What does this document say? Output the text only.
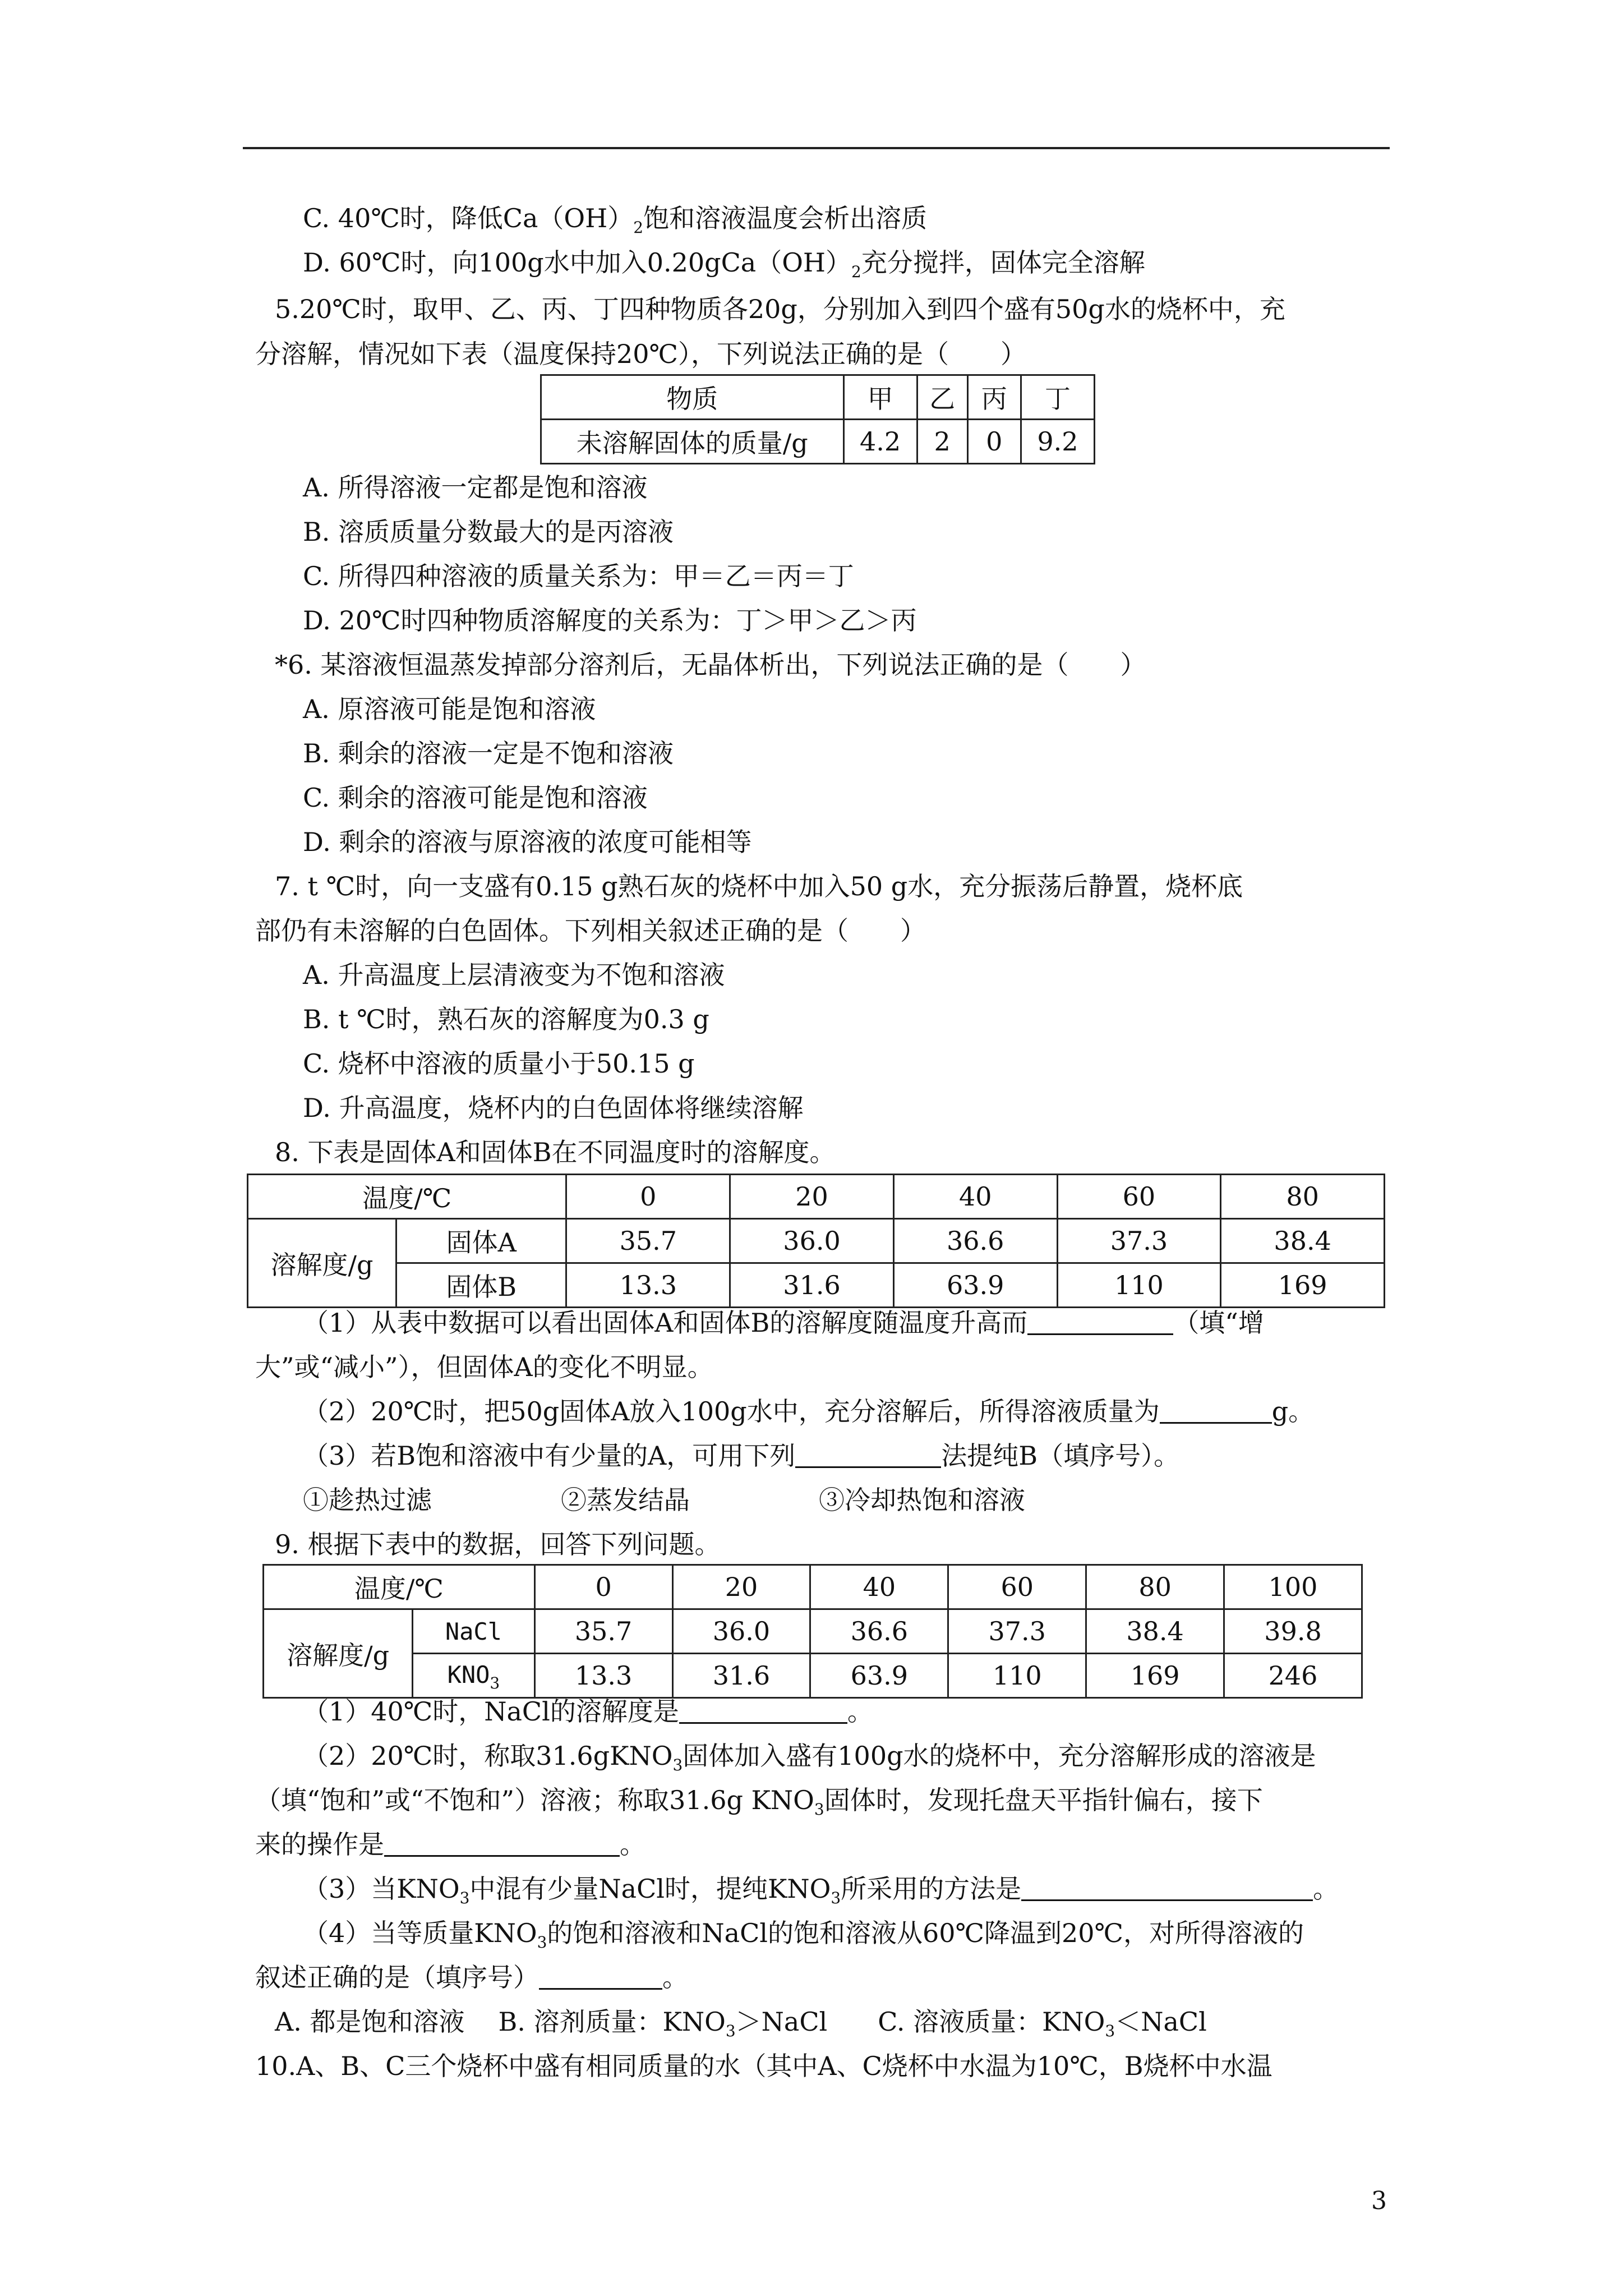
C. 40℃时，降低$Ca(OH)_2$饱和溶液温度会析出溶质
D. 60℃时，向100g水中加入$0.20gCa(OH)_2$充分搅拌，固体完全溶解
5.20℃时，取甲、乙、丙、丁四种物质各20g，分别加入到四个盛有50g水的烧杯中，充
分溶解，情况如下表（温度保持20℃），下列说法正确的是（　　）
物质	甲	乙	丙	丁
未溶解固体的质量/g	4.2	2	0	9.2
A. 所得溶液一定都是饱和溶液
B. 溶质质量分数最大的是丙溶液
C. 所得四种溶液的质量关系为：甲＝乙＝丙＝丁
D. 20℃时四种物质溶解度的关系为：丁＞甲＞乙＞丙
*6. 某溶液恒温蒸发掉部分溶剂后，无晶体析出，下列说法正确的是（　　）
A. 原溶液可能是饱和溶液
B. 剩余的溶液一定是不饱和溶液
C. 剩余的溶液可能是饱和溶液
D. 剩余的溶液与原溶液的浓度可能相等
7. t ℃时，向一支盛有0.15 g熟石灰的烧杯中加入50 g水，充分振荡后静置，烧杯底
部仍有未溶解的白色固体。下列相关叙述正确的是（　　）
A. 升高温度上层清液变为不饱和溶液
B. t ℃时，熟石灰的溶解度为0.3 g
C. 烧杯中溶液的质量小于50.15 g
D. 升高温度，烧杯内的白色固体将继续溶解
8. 下表是固体A和固体B在不同温度时的溶解度。
温度/℃		0	20	40	60	80
溶解度/g	固体A	35.7	36.0	36.6	37.3	38.4
	固体B	13.3	31.6	63.9	110	169
（1）从表中数据可以看出固体A和固体B的溶解度随温度升高而	（填“增
大”或“减小”），但固体A的变化不明显。
（2）20℃时，把50g固体A放入100g水中，充分溶解后，所得溶液质量为	g。
（3）若B饱和溶液中有少量的A，可用下列	法提纯B（填序号）。
①趁热过滤	②蒸发结晶	③冷却热饱和溶液
9. 根据下表中的数据，回答下列问题。
温度/℃		0	20	40	60	80	100
溶解度/g	NaCl	35.7	36.0	36.6	37.3	38.4	39.8
	$KNO_3$	13.3	31.6	63.9	110	169	246
（1）40℃时，NaCl的溶解度是	。
（2）20℃时，称取31.6gKNO$_3$固体加入盛有100g水的烧杯中，充分溶解形成的溶液是
（填“饱和”或“不饱和”）溶液；称取31.6g $KNO_3$固体时，发现托盘天平指针偏右，接下
来的操作是	。
（3）当$KNO_3$中混有少量NaCl时，提纯$KNO_3$所采用的方法是	。
（4）当等质量$KNO_3$的饱和溶液和NaCl的饱和溶液从60℃降温到20℃，对所得溶液的
叙述正确的是（填序号）	。
A. 都是饱和溶液 B. 溶剂质量：$KNO_3>NaCl$ C. 溶液质量：$KNO_3<NaCl$
10.A、B、C三个烧杯中盛有相同质量的水（其中A、C烧杯中水温为10℃，B烧杯中水温
3
